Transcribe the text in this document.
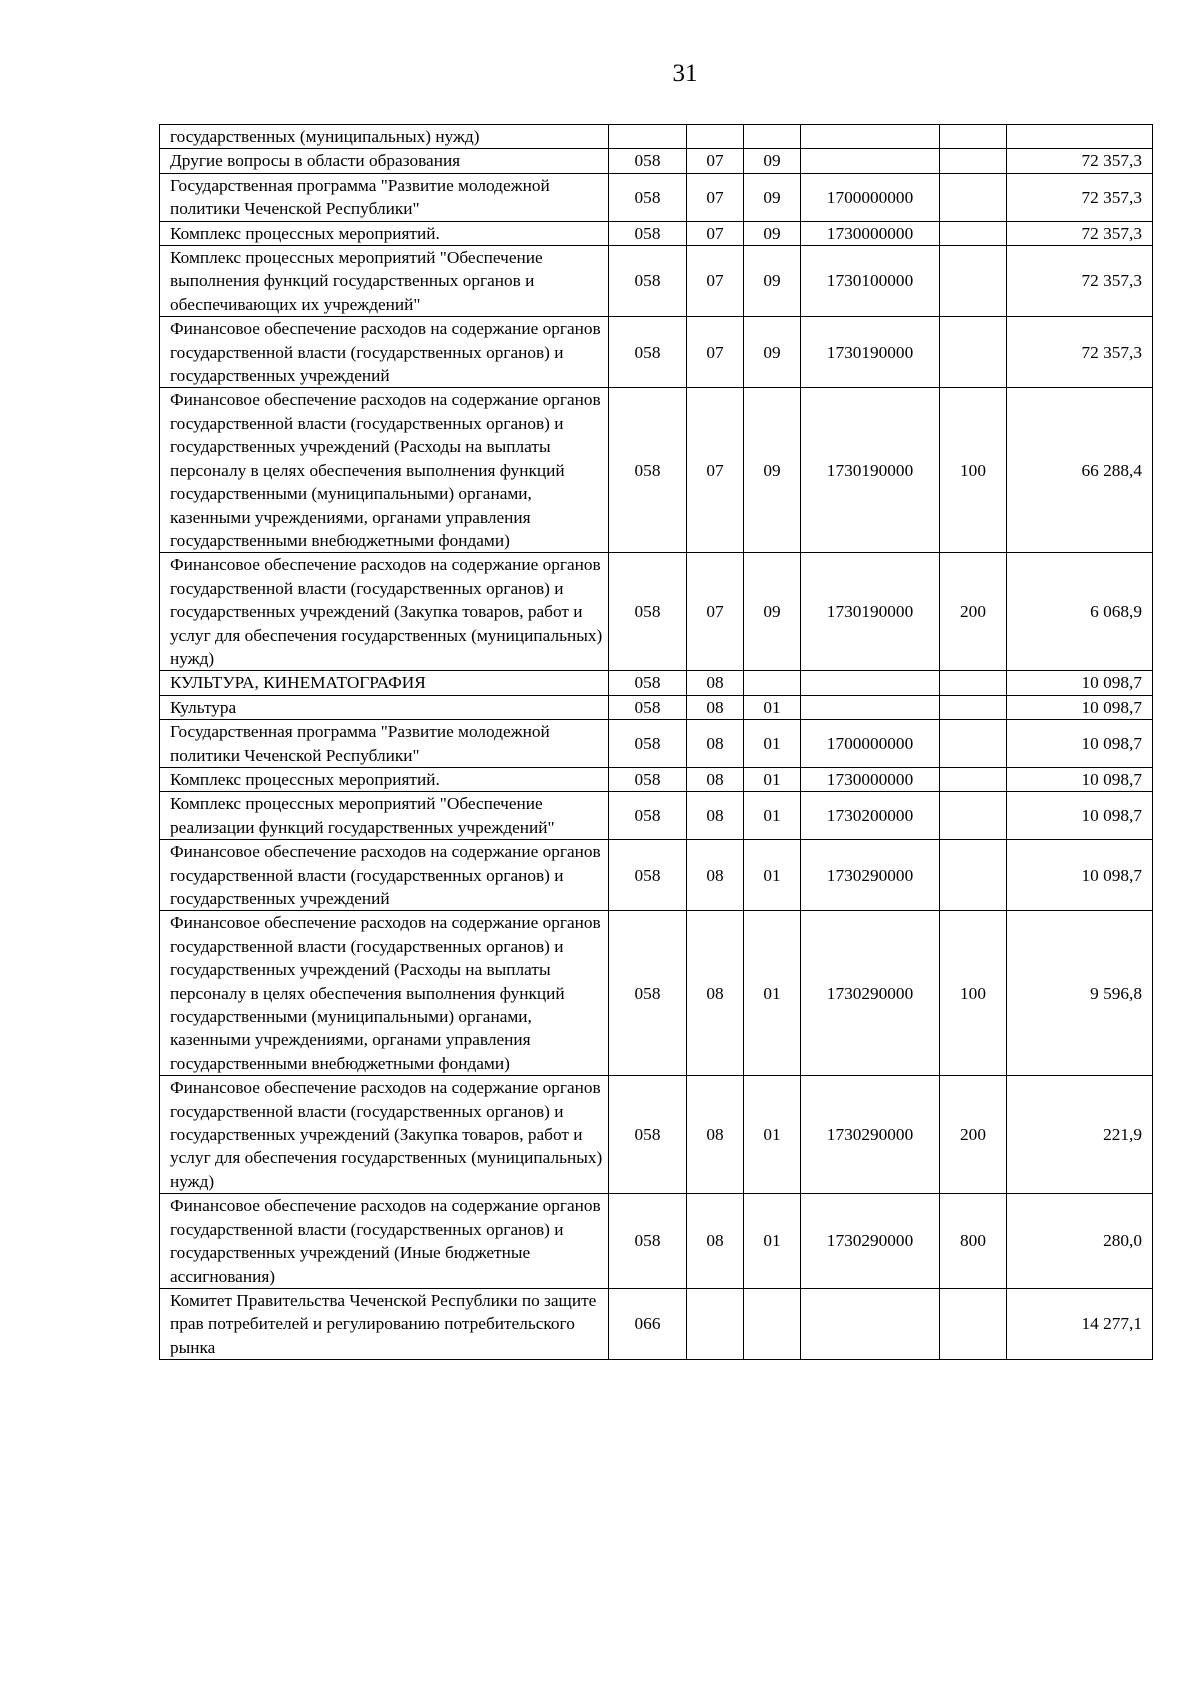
31
государственных (муниципальных) нужд)						
Другие вопросы в области образования	058	07	09			72 357,3
Государственная программа "Развитие молодежной политики Чеченской Республики"	058	07	09	1700000000		72 357,3
Комплекс процессных мероприятий.	058	07	09	1730000000		72 357,3
Комплекс процессных мероприятий "Обеспечение выполнения функций государственных органов и обеспечивающих их учреждений"	058	07	09	1730100000		72 357,3
Финансовое обеспечение расходов на содержание органов государственной власти (государственных органов) и государственных учреждений	058	07	09	1730190000		72 357,3
Финансовое обеспечение расходов на содержание органов государственной власти (государственных органов) и государственных учреждений (Расходы на выплаты персоналу в целях обеспечения выполнения функций государственными (муниципальными) органами, казенными учреждениями, органами управления государственными внебюджетными фондами)	058	07	09	1730190000	100	66 288,4
Финансовое обеспечение расходов на содержание органов государственной власти (государственных органов) и государственных учреждений (Закупка товаров, работ и услуг для обеспечения государственных (муниципальных) нужд)	058	07	09	1730190000	200	6 068,9
КУЛЬТУРА, КИНЕМАТОГРАФИЯ	058	08				10 098,7
Культура	058	08	01			10 098,7
Государственная программа "Развитие молодежной политики Чеченской Республики"	058	08	01	1700000000		10 098,7
Комплекс процессных мероприятий.	058	08	01	1730000000		10 098,7
Комплекс процессных мероприятий "Обеспечение реализации функций государственных учреждений"	058	08	01	1730200000		10 098,7
Финансовое обеспечение расходов на содержание органов государственной власти (государственных органов) и государственных учреждений	058	08	01	1730290000		10 098,7
Финансовое обеспечение расходов на содержание органов государственной власти (государственных органов) и государственных учреждений (Расходы на выплаты персоналу в целях обеспечения выполнения функций государственными (муниципальными) органами, казенными учреждениями, органами управления государственными внебюджетными фондами)	058	08	01	1730290000	100	9 596,8
Финансовое обеспечение расходов на содержание органов государственной власти (государственных органов) и государственных учреждений (Закупка товаров, работ и услуг для обеспечения государственных (муниципальных) нужд)	058	08	01	1730290000	200	221,9
Финансовое обеспечение расходов на содержание органов государственной власти (государственных органов) и государственных учреждений (Иные бюджетные ассигнования)	058	08	01	1730290000	800	280,0
Комитет Правительства Чеченской Республики по защите прав потребителей и регулированию потребительского рынка	066					14 277,1
